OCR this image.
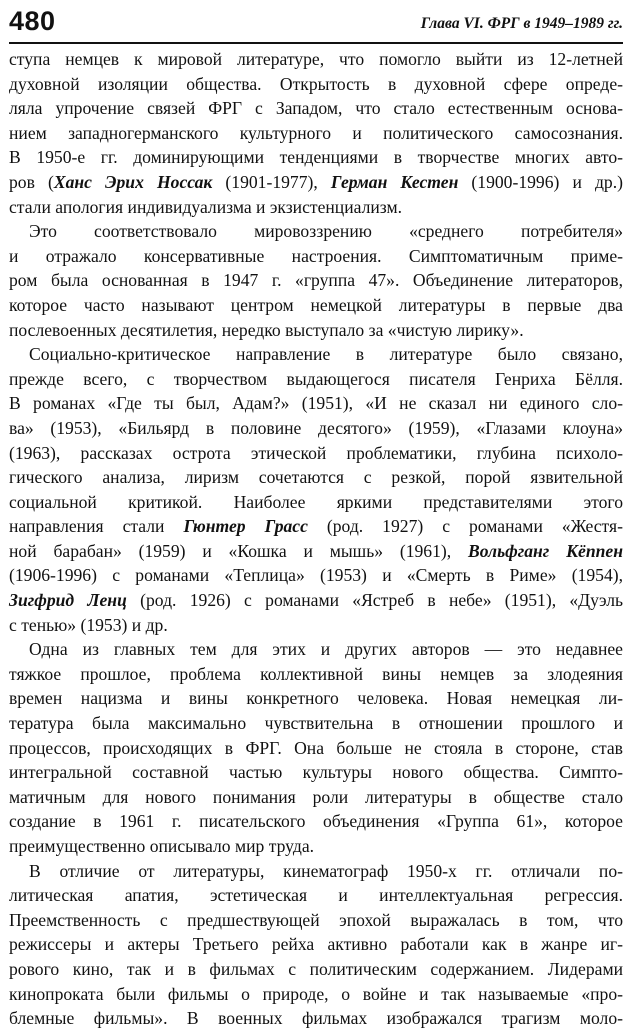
480	Глава VI. ФРГ в 1949–1989 гг.
ступа немцев к мировой литературе, что помогло выйти из 12-летней
духовной изоляции общества. Открытость в духовной сфере опреде-
ляла упрочение связей ФРГ с Западом, что стало естественным основа-
нием западногерманского культурного и политического самосознания.
В 1950-е гг. доминирующими тенденциями в творчестве многих авто-
ров (Ханс Эрих Носсак (1901-1977), Герман Кестен (1900-1996) и др.)
стали апология индивидуализма и экзистенциализм.
Это соответствовало мировоззрению «среднего потребителя»
и отражало консервативные настроения. Симптоматичным приме-
ром была основанная в 1947 г. «группа 47». Объединение литераторов,
которое часто называют центром немецкой литературы в первые два
послевоенных десятилетия, нередко выступало за «чистую лирику».
Социально-критическое направление в литературе было связано,
прежде всего, с творчеством выдающегося писателя Генриха Бёлля.
В романах «Где ты был, Адам?» (1951), «И не сказал ни единого сло-
ва» (1953), «Бильярд в половине десятого» (1959), «Глазами клоуна»
(1963), рассказах острота этической проблематики, глубина психоло-
гического анализа, лиризм сочетаются с резкой, порой язвительной
социальной критикой. Наиболее яркими представителями этого
направления стали Гюнтер Грасс (род. 1927) с романами «Жестя-
ной барабан» (1959) и «Кошка и мышь» (1961), Вольфганг Кёппен
(1906-1996) с романами «Теплица» (1953) и «Смерть в Риме» (1954),
Зигфрид Ленц (род. 1926) с романами «Ястреб в небе» (1951), «Дуэль
с тенью» (1953) и др.
Одна из главных тем для этих и других авторов — это недавнее
тяжкое прошлое, проблема коллективной вины немцев за злодеяния
времен нацизма и вины конкретного человека. Новая немецкая ли-
тература была максимально чувствительна в отношении прошлого и
процессов, происходящих в ФРГ. Она больше не стояла в стороне, став
интегральной составной частью культуры нового общества. Симпто-
матичным для нового понимания роли литературы в обществе стало
создание в 1961 г. писательского объединения «Группа 61», которое
преимущественно описывало мир труда.
В отличие от литературы, кинематограф 1950-х гг. отличали по-
литическая апатия, эстетическая и интеллектуальная регрессия.
Преемственность с предшествующей эпохой выражалась в том, что
режиссеры и актеры Третьего рейха активно работали как в жанре иг-
рового кино, так и в фильмах с политическим содержанием. Лидерами
кинопроката были фильмы о природе, о войне и так называемые «про-
блемные фильмы». В военных фильмах изображался трагизм моло-
